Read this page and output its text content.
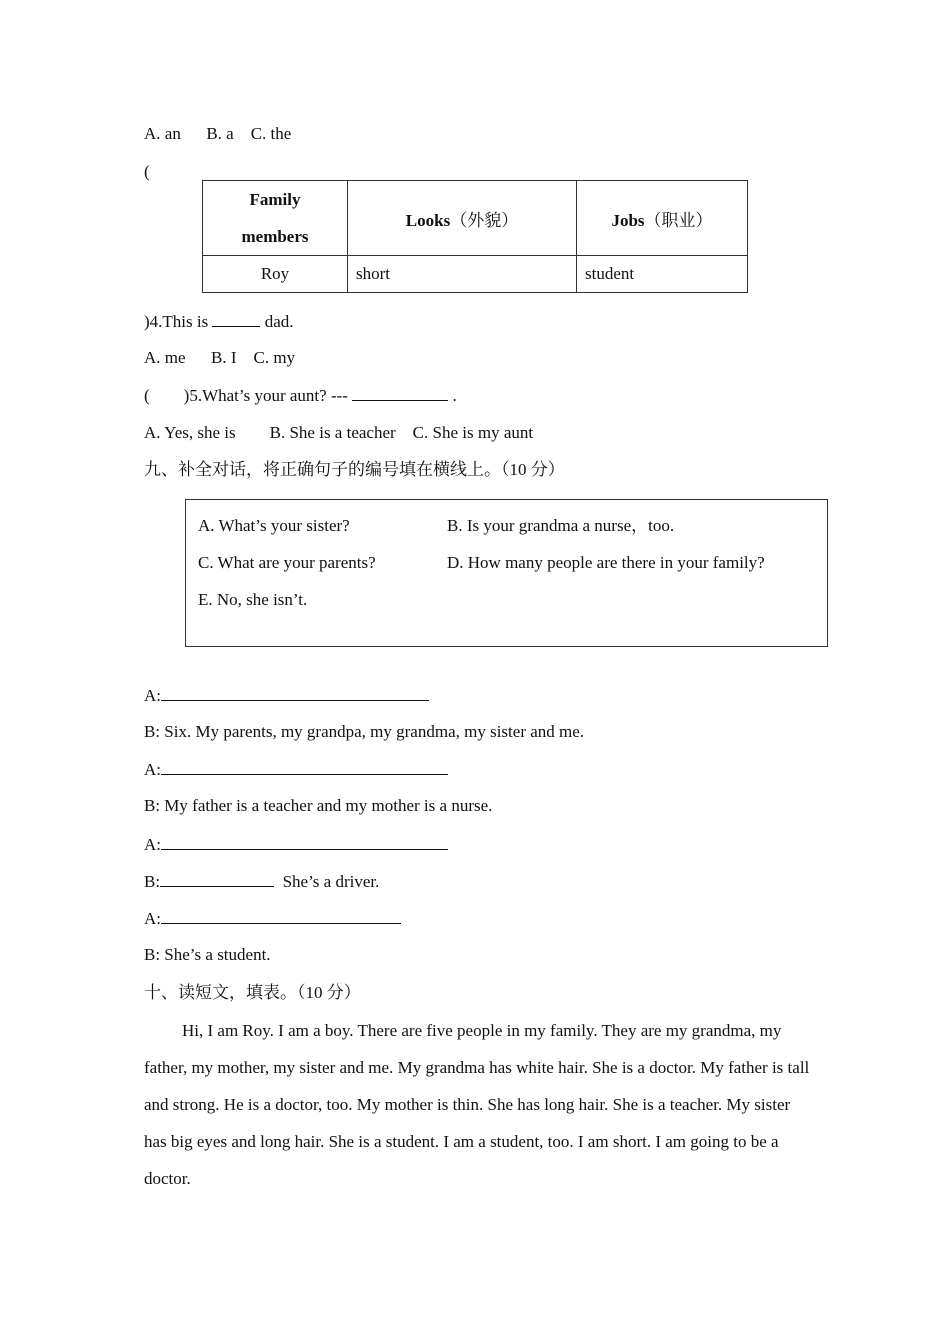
A. an      B. a    C. the
(
Family
members	Looks（外貌）	Jobs（职业）
Roy	short	student
)4.This is	dad.
A. me      B. I    C. my
(        )5.What’s your aunt? ---	.
A. Yes, she is        B. She is a teacher    C. She is my aunt
九、补全对话，将正确句子的编号填在横线上。（10 分）
A. What’s your sister?	B. Is your grandma a nurse，too.
C. What are your parents?	D. How many people are there in your family?
E. No, she isn’t.
A:
B: Six. My parents, my grandpa, my grandma, my sister and me.
A:
B: My father is a teacher and my mother is a nurse.
A:
B:	She’s a driver.
A:
B: She’s a student.
十、读短文，填表。（10 分）
Hi, I am Roy. I am a boy. There are five people in my family. They are my grandma, my father, my mother, my sister and me. My grandma has white hair. She is a doctor. My father is tall and strong. He is a doctor, too. My mother is thin. She has long hair. She is a teacher. My sister has big eyes and long hair. She is a student. I am a student, too. I am short. I am going to be a doctor.
